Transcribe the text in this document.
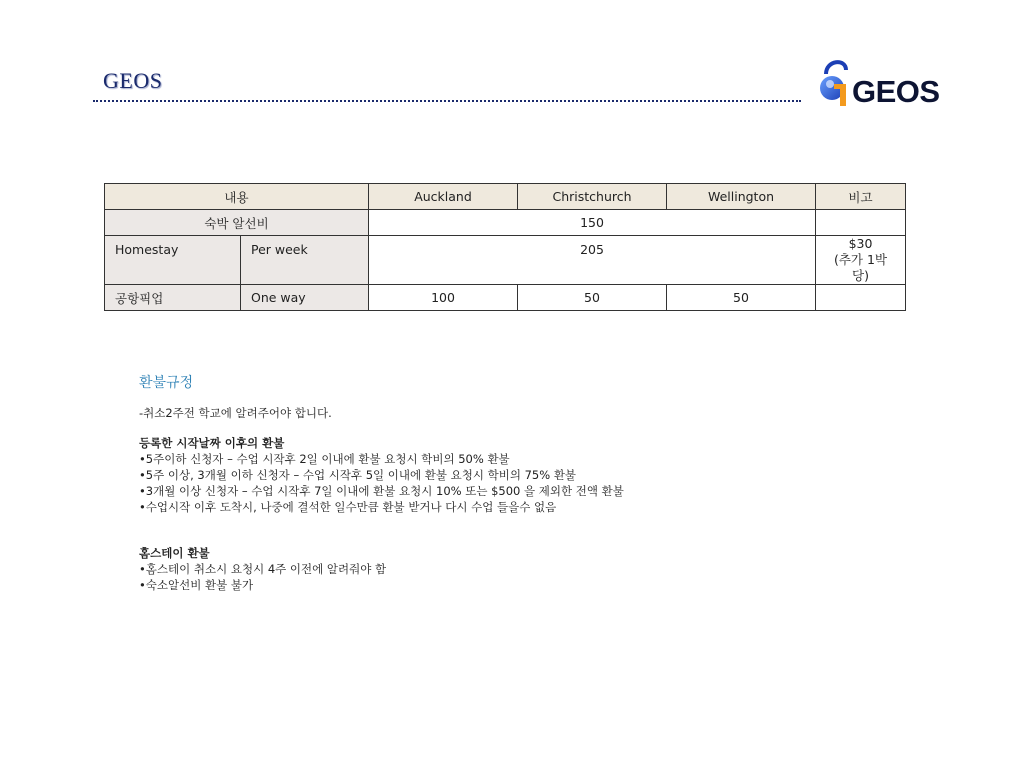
GEOS	GEOS
내용		Auckland	Christchurch	Wellington	비고
숙박 알선비		150			
Homestay	Per week	205			$30
(추가 1박당)

공항픽업	One way	100	50	50	
환불규정
-취소2주전 학교에 알려주어야 합니다.
등록한 시작날짜 이후의 환불
•5주이하 신청자 – 수업 시작후 2일 이내에 환불 요청시 학비의 50% 환불
•5주 이상, 3개월 이하 신청자 – 수업 시작후 5일 이내에 환불 요청시 학비의 75% 환불
•3개월 이상 신청자 – 수업 시작후 7일 이내에 환불 요청시 10% 또는 $500 을 제외한 전액 환불
•수업시작 이후 도착시, 나중에 결석한 일수만큼 환불 받거나 다시 수업 들을수 없음
홈스테이 환불
•홈스테이 취소시 요청시 4주 이전에 알려줘야 함
•숙소알선비 환불 불가
